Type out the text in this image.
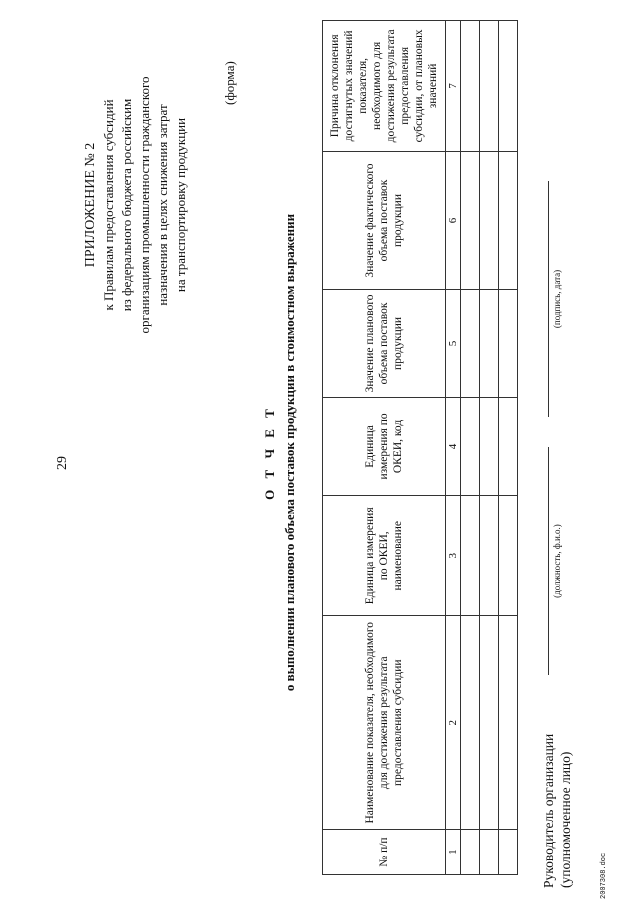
29
ПРИЛОЖЕНИЕ № 2 к Правилам предоставления субсидий из федерального бюджета российским организациям промышленности гражданского назначения в целях снижения затрат на транспортировку продукции
(форма)
О Т Ч Е Т о выполнении планового объема поставок продукции в стоимостном выражении
№ п/п	Наименование показателя, необходимого для достижения результата предоставления субсидии	Единица измерения по ОКЕИ, наименование	Единица измерения по ОКЕИ, код	Значение планового объема поставок продукции	Значение фактического объема поставок продукции	Причина отклонения достигнутых значений показателя, необходимого для достижения результата предоставления субсидии, от плановых значений
1	2	3	4	5	6	7

Руководитель организации (уполномоченное лицо)
(должность, ф.и.о.)
(подпись, дата)
2007308.doc
